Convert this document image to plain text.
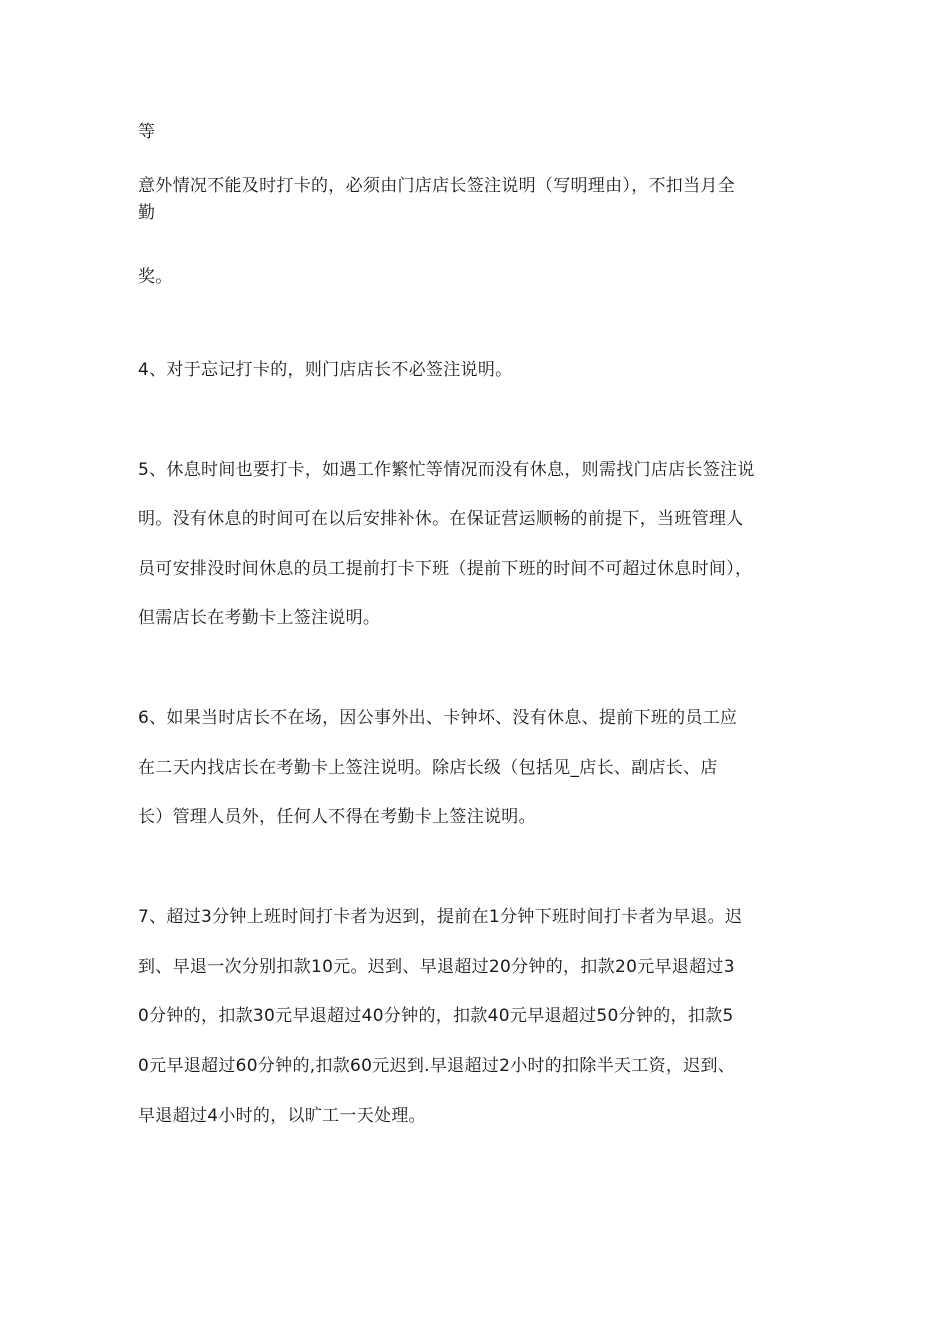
等
意外情况不能及时打卡的，必须由门店店长签注说明（写明理由），不扣当月全
勤
奖。
4、对于忘记打卡的，则门店店长不必签注说明。
5、休息时间也要打卡，如遇工作繁忙等情况而没有休息，则需找门店店长签注说
明。没有休息的时间可在以后安排补休。在保证营运顺畅的前提下，当班管理人
员可安排没时间休息的员工提前打卡下班（提前下班的时间不可超过休息时间），
但需店长在考勤卡上签注说明。
6、如果当时店长不在场，因公事外出、卡钟坏、没有休息、提前下班的员工应
在二天内找店长在考勤卡上签注说明。除店长级（包括见_店长、副店长、店
长）管理人员外，任何人不得在考勤卡上签注说明。
7、超过3分钟上班时间打卡者为迟到，提前在1分钟下班时间打卡者为早退。迟
到、早退一次分别扣款10元。迟到、早退超过20分钟的，扣款20元早退超过3
0分钟的，扣款30元早退超过40分钟的，扣款40元早退超过50分钟的，扣款5
0元早退超过60分钟的,扣款60元迟到.早退超过2小时的扣除半天工资，迟到、
早退超过4小时的，以旷工一天处理。
